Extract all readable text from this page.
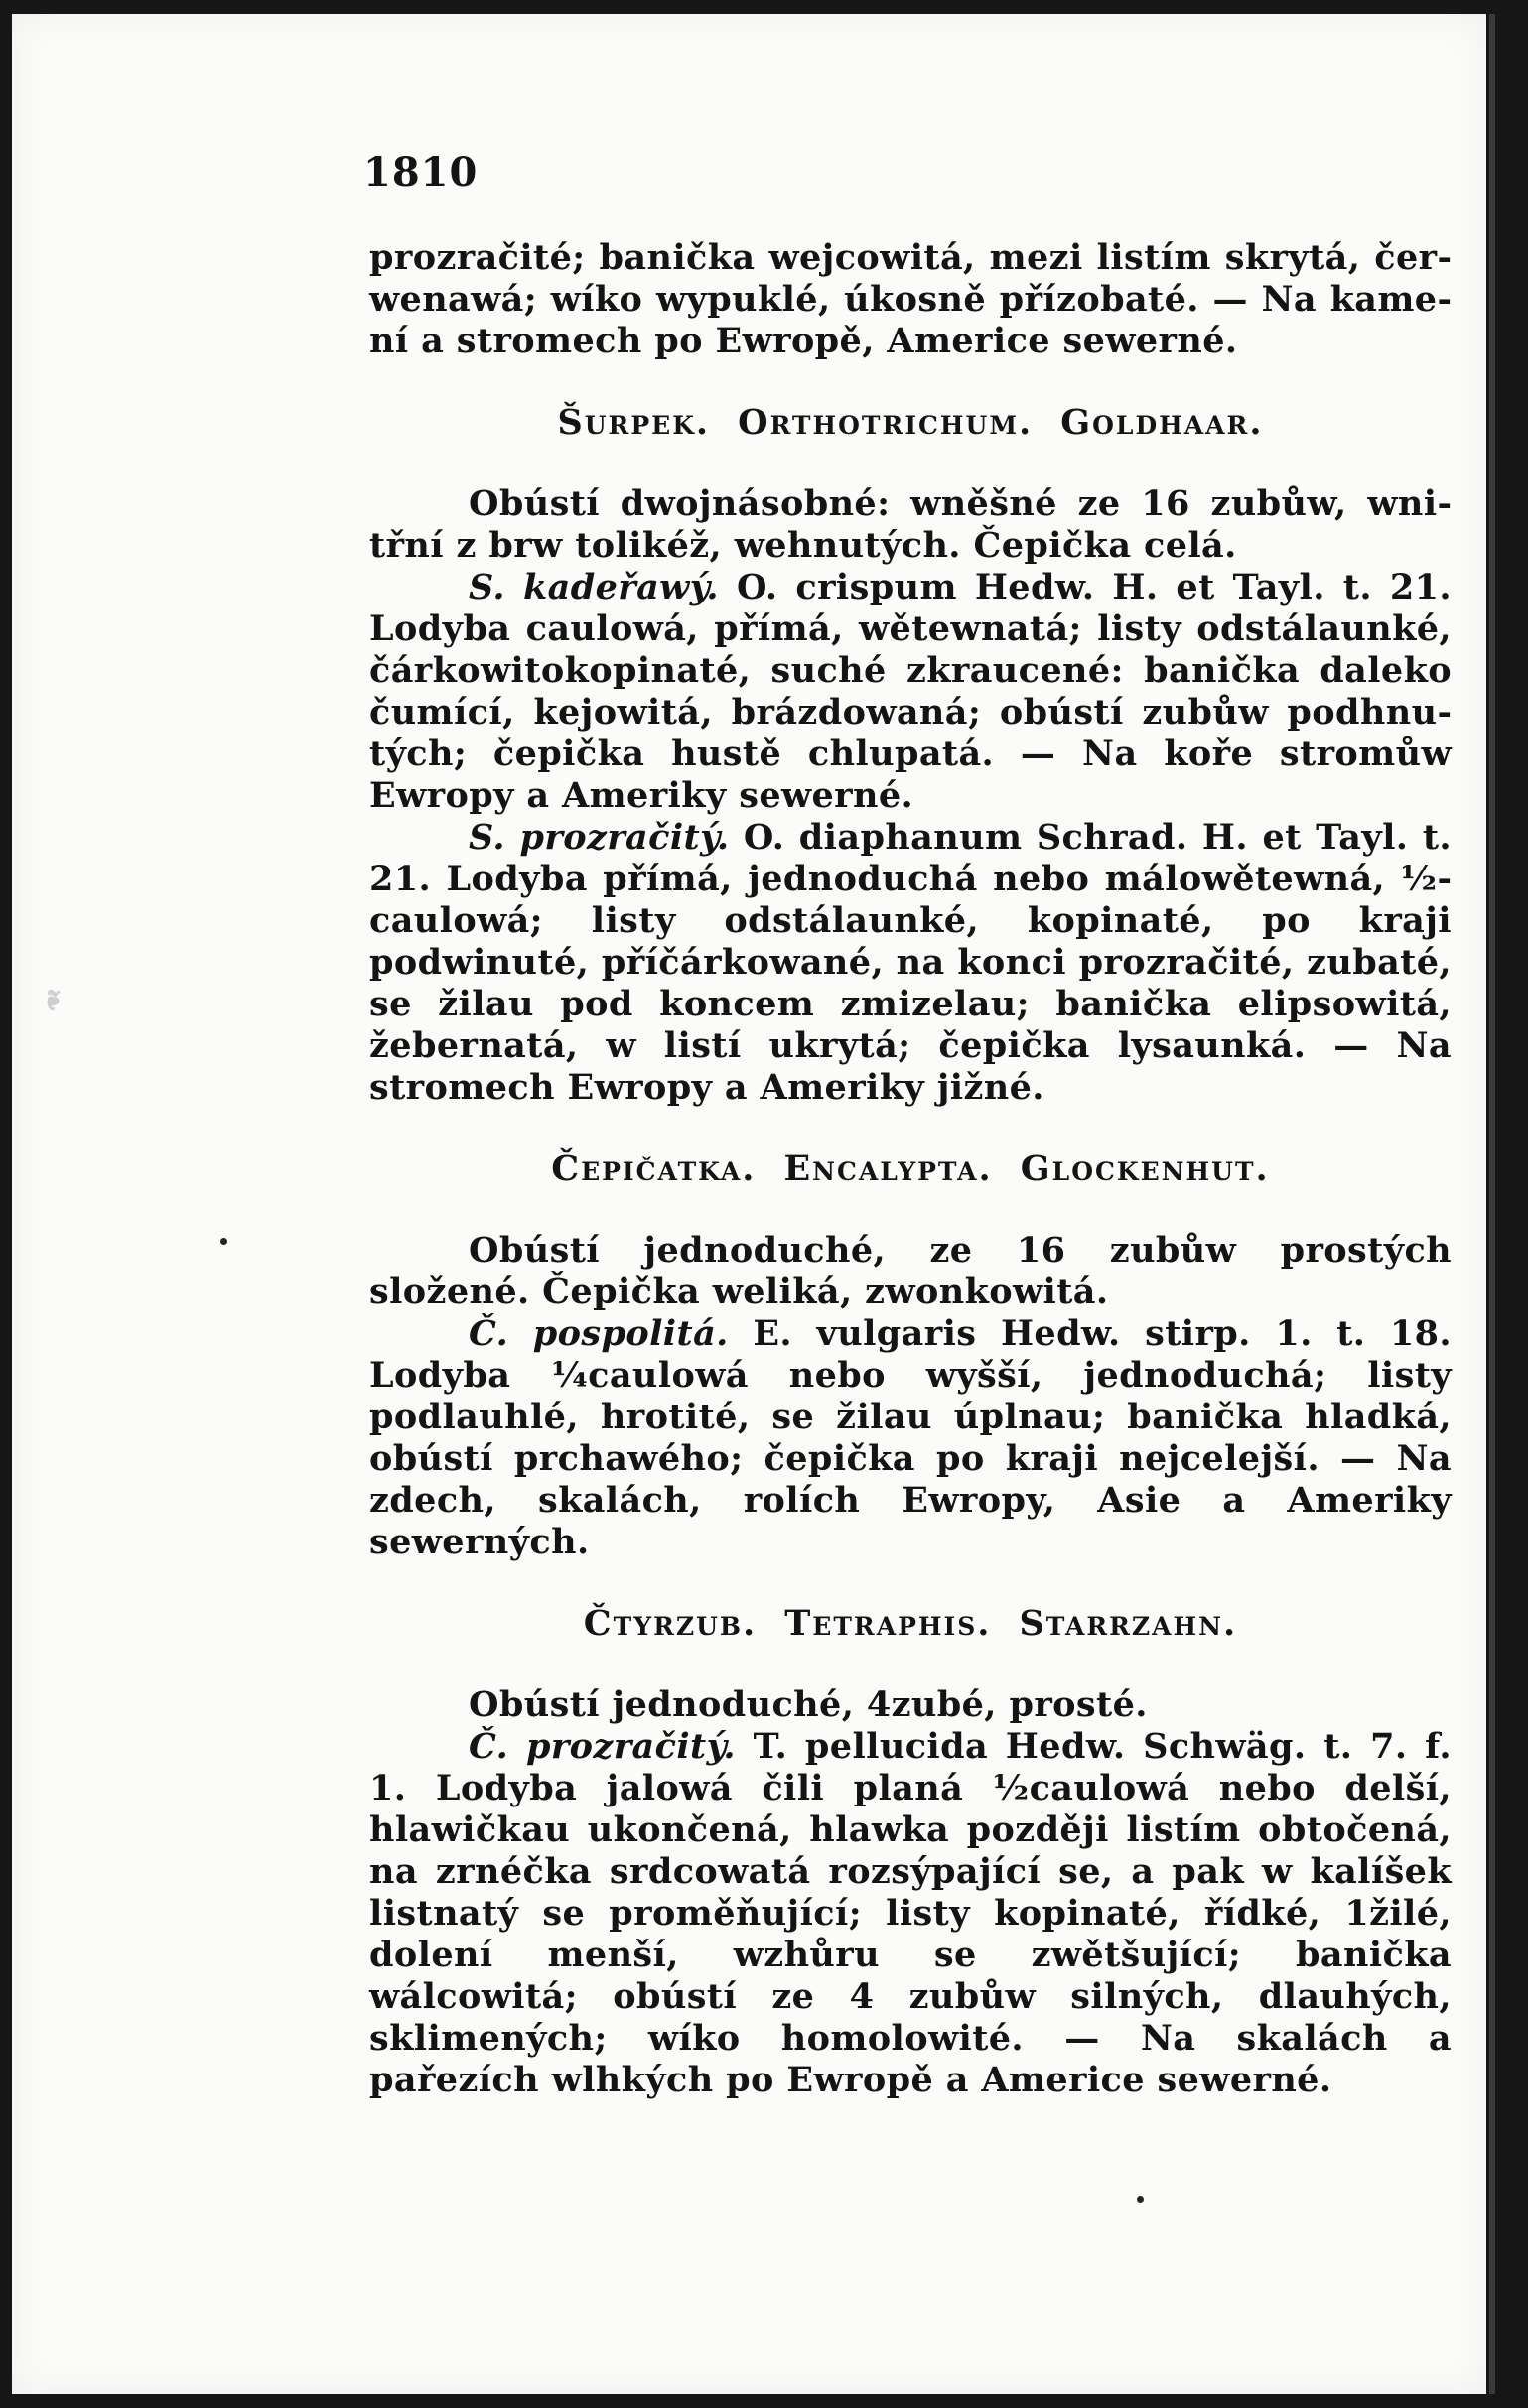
❧
1810

prozračité; banička wejcowitá, mezi listím skrytá, čerwenawá; wíko wypuklé, úkosně přízobaté. — Na kamení a stromech po Ewropě, Americe sewerné.

Šurpek. Orthotrichum. Goldhaar.

Obústí dwojnásobné: wněšné ze 16 zubůw, wnitřní z brw tolikéž, wehnutých. Čepička celá.

S. kadeřawý. O. crispum Hedw. H. et Tayl. t. 21. Lodyba caulowá, přímá, wětewnatá; listy odstálaunké, čárkowitokopinaté, suché zkraucené: banička daleko čumící, kejowitá, brázdowaná; obústí zubůw podhnutých; čepička hustě chlupatá. — Na koře stromůw Ewropy a Ameriky sewerné.

S. prozračitý. O. diaphanum Schrad. H. et Tayl. t. 21. Lodyba přímá, jednoduchá nebo málowětewná, ½caulowá; listy odstálaunké, kopinaté, po kraji podwinuté, příčárkowané, na konci prozračité, zubaté, se žilau pod koncem zmizelau; banička elipsowitá, žebernatá, w listí ukrytá; čepička lysaunká. — Na stromech Ewropy a Ameriky jižné.

Čepičatka. Encalypta. Glockenhut.

Obústí jednoduché, ze 16 zubůw prostých složené. Čepička weliká, zwonkowitá.

Č. pospolitá. E. vulgaris Hedw. stirp. 1. t. 18. Lodyba ¼caulowá nebo wyšší, jednoduchá; listy podlauhlé, hrotité, se žilau úplnau; banička hladká, obústí prchawého; čepička po kraji nejcelejší. — Na zdech, skalách, rolích Ewropy, Asie a Ameriky sewerných.

Čtyrzub. Tetraphis. Starrzahn.

Obústí jednoduché, 4zubé, prosté.

Č. prozračitý. T. pellucida Hedw. Schwäg. t. 7. f. 1. Lodyba jalowá čili planá ½caulowá nebo delší, hlawičkau ukončená, hlawka později listím obtočená, na zrnéčka srdcowatá rozsýpající se, a pak w kalíšek listnatý se proměňující; listy kopinaté, řídké, 1žilé, dolení menší, wzhůru se zwětšující; banička wálcowitá; obústí ze 4 zubůw silných, dlauhých, sklimených; wíko homolowité. — Na skalách a pařezích wlhkých po Ewropě a Americe sewerné.
